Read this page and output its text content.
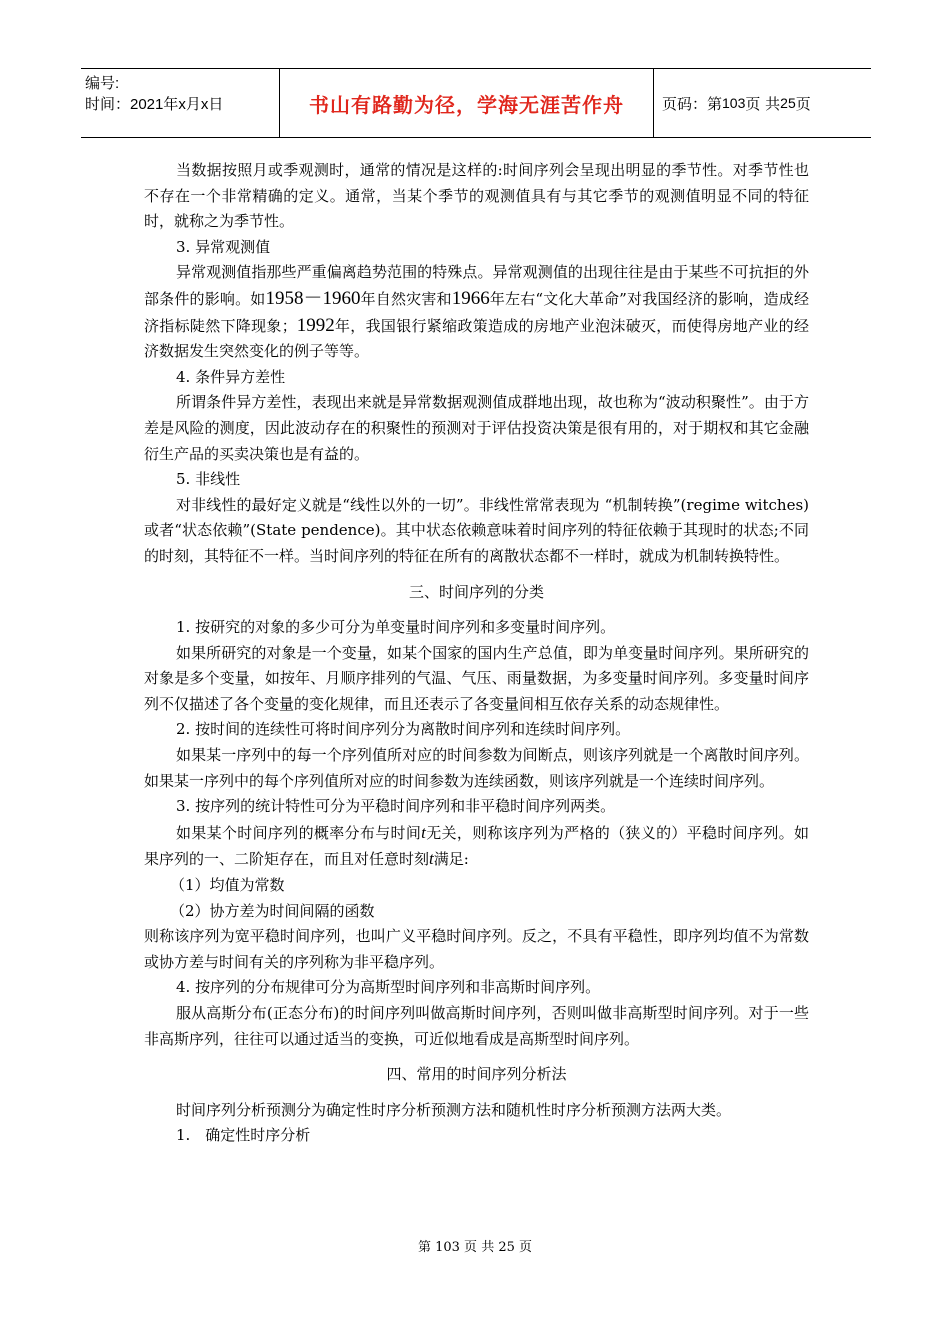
编号:
时间：2021年x月x日	书山有路勤为径，学海无涯苦作舟	页码：第 103 页 共 25 页

当数据按照月或季观测时，通常的情况是这样的:时间序列会呈现出明显的季节性。对季节性也不存在一个非常精确的定义。通常，当某个季节的观测值具有与其它季节的观测值明显不同的特征时，就称之为季节性。

3. 异常观测值

异常观测值指那些严重偏离趋势范围的特殊点。异常观测值的出现往往是由于某些不可抗拒的外部条件的影响。如1958－1960年自然灾害和1966年左右“文化大革命”对我国经济的影响，造成经济指标陡然下降现象；1992年，我国银行紧缩政策造成的房地产业泡沫破灭，而使得房地产业的经济数据发生突然变化的例子等等。

4. 条件异方差性

所谓条件异方差性，表现出来就是异常数据观测值成群地出现，故也称为“波动积聚性”。由于方差是风险的测度，因此波动存在的积聚性的预测对于评估投资决策是很有用的，对于期权和其它金融衍生产品的买卖决策也是有益的。

5. 非线性

对非线性的最好定义就是“线性以外的一切”。非线性常常表现为 “机制转换”(regime witches)或者“状态依赖”(State pendence)。其中状态依赖意味着时间序列的特征依赖于其现时的状态;不同的时刻，其特征不一样。当时间序列的特征在所有的离散状态都不一样时，就成为机制转换特性。

三、时间序列的分类

1. 按研究的对象的多少可分为单变量时间序列和多变量时间序列。

如果所研究的对象是一个变量，如某个国家的国内生产总值，即为单变量时间序列。果所研究的对象是多个变量，如按年、月顺序排列的气温、气压、雨量数据，为多变量时间序列。多变量时间序列不仅描述了各个变量的变化规律，而且还表示了各变量间相互依存关系的动态规律性。

2. 按时间的连续性可将时间序列分为离散时间序列和连续时间序列。

如果某一序列中的每一个序列值所对应的时间参数为间断点，则该序列就是一个离散时间序列。如果某一序列中的每个序列值所对应的时间参数为连续函数，则该序列就是一个连续时间序列。

3. 按序列的统计特性可分为平稳时间序列和非平稳时间序列两类。

如果某个时间序列的概率分布与时间t无关，则称该序列为严格的（狭义的）平稳时间序列。如果序列的一、二阶矩存在，而且对任意时刻t满足:

（1）均值为常数

（2）协方差为时间间隔的函数

则称该序列为宽平稳时间序列，也叫广义平稳时间序列。反之，不具有平稳性，即序列均值不为常数或协方差与时间有关的序列称为非平稳序列。

4. 按序列的分布规律可分为高斯型时间序列和非高斯时间序列。

服从高斯分布(正态分布)的时间序列叫做高斯时间序列，否则叫做非高斯型时间序列。对于一些非高斯序列，往往可以通过适当的变换，可近似地看成是高斯型时间序列。

四、常用的时间序列分析法

时间序列分析预测分为确定性时序分析预测方法和随机性时序分析预测方法两大类。

1.　确定性时序分析

第 103 页 共 25 页
